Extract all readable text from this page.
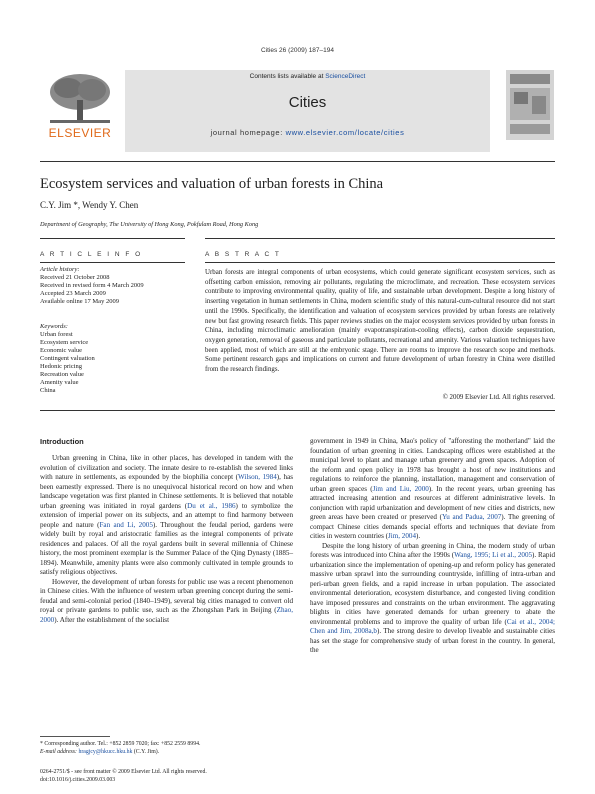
Cities 26 (2009) 187–194
ELSEVIER
Contents lists available at ScienceDirect
Cities
journal homepage: www.elsevier.com/locate/cities
Ecosystem services and valuation of urban forests in China
C.Y. Jim *, Wendy Y. Chen
Department of Geography, The University of Hong Kong, Pokfulam Road, Hong Kong
A R T I C L E I N F O	A B S T R A C T
Article history:
Received 21 October 2008
Received in revised form 4 March 2009
Accepted 23 March 2009
Available online 17 May 2009
Keywords:
Urban forest
Ecosystem service
Economic value
Contingent valuation
Hedonic pricing
Recreation value
Amenity value
China
Urban forests are integral components of urban ecosystems, which could generate significant ecosystem services, such as offsetting carbon emission, removing air pollutants, regulating the microclimate, and recreation. These ecosystem services contribute to improving environmental quality, quality of life, and sustainable urban development. Despite a long history of inserting vegetation in human settlements in China, modern scientific study of this natural-cum-cultural resource did not start until the 1990s. Specifically, the identification and valuation of ecosystem services provided by urban forests are relatively new but fast growing research fields. This paper reviews studies on the major ecosystem services provided by urban forests in China, including microclimatic amelioration (mainly evapotranspiration-cooling effects), carbon dioxide sequestration, oxygen generation, removal of gaseous and particulate pollutants, recreational and amenity. Various valuation techniques have been applied, most of which are still at the embryonic stage. There are rooms to improve the research scope and methods. Some pertinent research gaps and implications on current and future development of urban forestry in China were distilled from the research findings.
© 2009 Elsevier Ltd. All rights reserved.
Introduction

Urban greening in China, like in other places, has developed in tandem with the evolution of civilization and society. The innate desire to re-establish the severed links with nature in settlements, as expounded by the biophilia concept (Wilson, 1984), has been earnestly expressed. There is no unequivocal historical record on how and when landscape vegetation was first planted in Chinese settlements. It is believed that notable urban greening was initiated in royal gardens (Du et al., 1986) to symbolize the extension of imperial power on its subjects, and an attempt to find harmony between people and nature (Fan and Li, 2005). Throughout the feudal period, gardens were widely built by royal and aristocratic families as the integral components of private residences and palaces. Of all the royal gardens built in several millennia of Chinese history, the most prominent exemplar is the Summer Palace of the Qing Dynasty (1885–1894). Meanwhile, amenity plants were also commonly cultivated in temple grounds to satisfy religious objectives.

However, the development of urban forests for public use was a recent phenomenon in Chinese cities. With the influence of western urban greening concept during the semi-feudal and semi-colonial period (1840–1949), several big cities managed to convert old royal or private gardens to public use, such as the Zhongshan Park in Beijing (Zhao, 2000). After the establishment of the socialist

government in 1949 in China, Mao's policy of "afforesting the motherland" laid the foundation of urban greening in cities. Landscaping offices were established at the municipal level to plant and manage urban greenery and green spaces. Adoption of the reform and open policy in 1978 has brought a host of new institutions and regulations to reinforce the planning, installation, management and conservation of urban green spaces (Jim and Liu, 2000). In the recent years, urban greening has attracted increasing attention and resources at different administrative levels. In conjunction with rapid urbanization and development of new cities and districts, new green areas have been created or preserved (Yu and Padua, 2007). The greening of compact Chinese cities demands special efforts and techniques that deviate from cities in western countries (Jim, 2004).

Despite the long history of urban greening in China, the modern study of urban forests was introduced into China after the 1990s (Wang, 1995; Li et al., 2005). Rapid urbanization since the implementation of opening-up and reform policy has generated massive urban sprawl into the surrounding countryside, infilling of intra-urban and peri-urban green fields, and a rapid increase in urban population. The associated environmental deterioration, ecosystem disturbance, and congested living condition have imposed pressures and constraints on the urban environment. The aggravating blights in cities have generated demands for urban greenery to abate the environmental problems and to improve the quality of urban life (Cai et al., 2004; Chen and Jim, 2008a,b). The strong desire to develop liveable and sustainable cities has set the stage for comprehensive study of urban forest in the country. In general, the

* Corresponding author. Tel.: +852 2859 7020; fax: +852 2559 8994.
E-mail address: hragjcy@hkucc.hku.hk (C.Y. Jim).
0264-2751/$ - see front matter © 2009 Elsevier Ltd. All rights reserved.
doi:10.1016/j.cities.2009.03.003
